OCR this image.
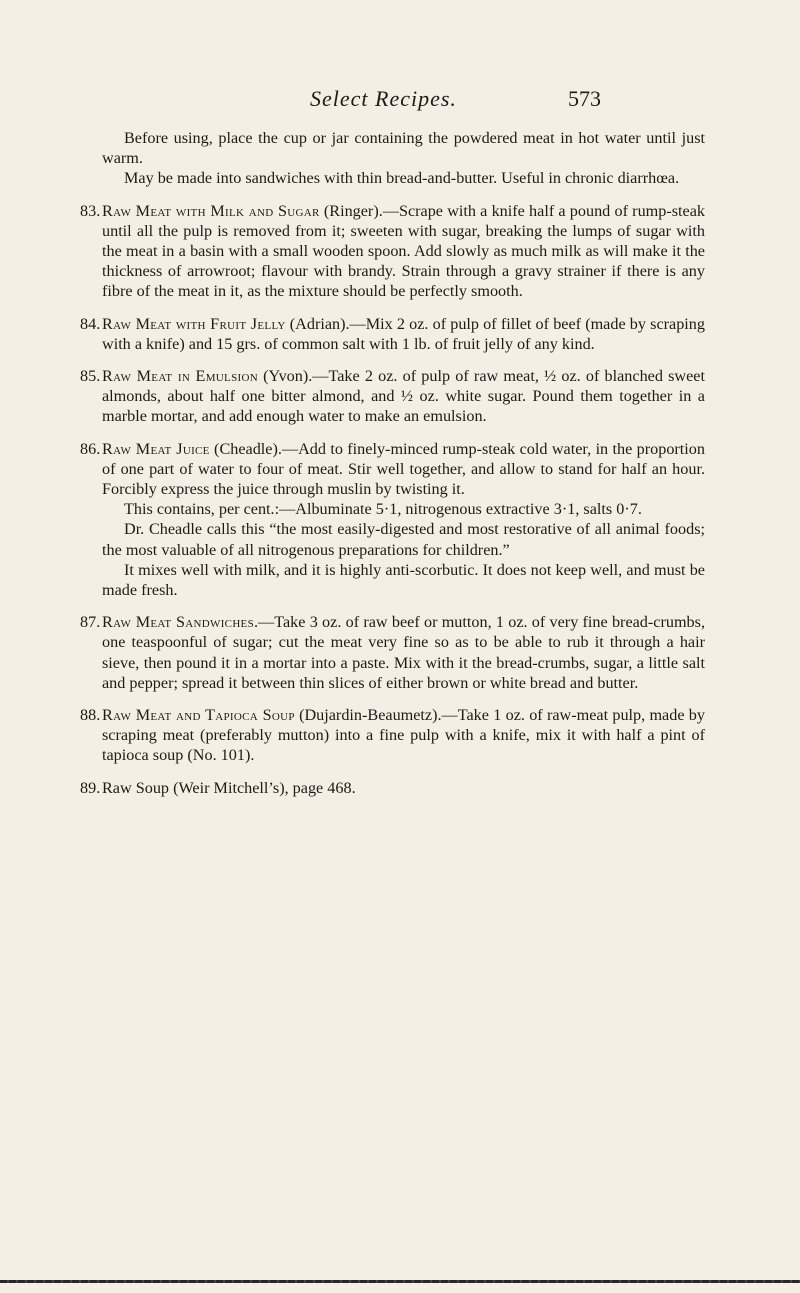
Select Recipes.	573

Before using, place the cup or jar containing the powdered meat in hot water until just warm.

May be made into sandwiches with thin bread-and-butter. Useful in chronic diarrhœa.

83. Raw Meat with Milk and Sugar (Ringer).—Scrape with a knife half a pound of rump-steak until all the pulp is removed from it; sweeten with sugar, breaking the lumps of sugar with the meat in a basin with a small wooden spoon. Add slowly as much milk as will make it the thickness of arrowroot; flavour with brandy. Strain through a gravy strainer if there is any fibre of the meat in it, as the mixture should be perfectly smooth.

84. Raw Meat with Fruit Jelly (Adrian).—Mix 2 oz. of pulp of fillet of beef (made by scraping with a knife) and 15 grs. of common salt with 1 lb. of fruit jelly of any kind.

85. Raw Meat in Emulsion (Yvon).—Take 2 oz. of pulp of raw meat, ½ oz. of blanched sweet almonds, about half one bitter almond, and ½ oz. white sugar. Pound them together in a marble mortar, and add enough water to make an emulsion.

86. Raw Meat Juice (Cheadle).—Add to finely-minced rump-steak cold water, in the proportion of one part of water to four of meat. Stir well together, and allow to stand for half an hour. Forcibly express the juice through muslin by twisting it.

This contains, per cent.:—Albuminate 5·1, nitrogenous extractive 3·1, salts 0·7.

Dr. Cheadle calls this “the most easily-digested and most restorative of all animal foods; the most valuable of all nitrogenous preparations for children.”

It mixes well with milk, and it is highly anti-scorbutic. It does not keep well, and must be made fresh.

87. Raw Meat Sandwiches.—Take 3 oz. of raw beef or mutton, 1 oz. of very fine bread-crumbs, one teaspoonful of sugar; cut the meat very fine so as to be able to rub it through a hair sieve, then pound it in a mortar into a paste. Mix with it the bread-crumbs, sugar, a little salt and pepper; spread it between thin slices of either brown or white bread and butter.

88. Raw Meat and Tapioca Soup (Dujardin-Beaumetz).—Take 1 oz. of raw-meat pulp, made by scraping meat (preferably mutton) into a fine pulp with a knife, mix it with half a pint of tapioca soup (No. 101).

89. Raw Soup (Weir Mitchell’s), page 468.
